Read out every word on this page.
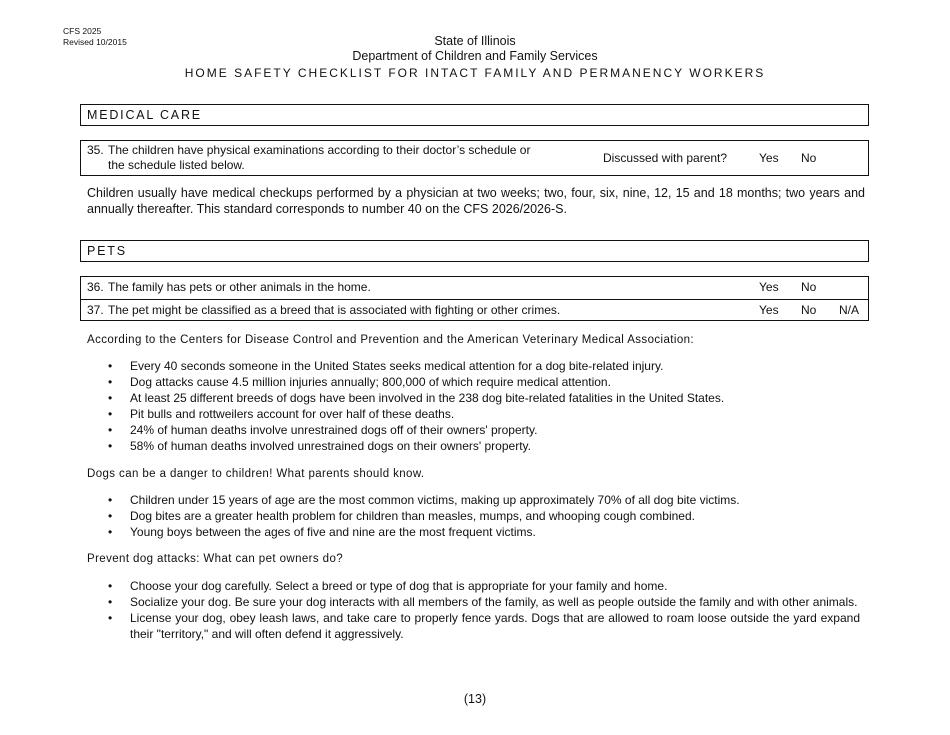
CFS 2025
Revised 10/2015	State of Illinois
Department of Children and Family Services
HOME SAFETY CHECKLIST FOR INTACT FAMILY AND PERMANENCY WORKERS
MEDICAL CARE
35. The children have physical examinations according to their doctor’s schedule or
the schedule listed below.	Discussed with parent?	Yes No
Children usually have medical checkups performed by a physician at two weeks; two, four, six, nine, 12, 15 and 18 months; two years and annually thereafter. This standard corresponds to number 40 on the CFS 2026/2026-S.
PETS
36. The family has pets or other animals in the home.	Yes No
37. The pet might be classified as a breed that is associated with fighting or other crimes.	Yes No N/A
According to the Centers for Disease Control and Prevention and the American Veterinary Medical Association:
• Every 40 seconds someone in the United States seeks medical attention for a dog bite-related injury.
• Dog attacks cause 4.5 million injuries annually; 800,000 of which require medical attention.
• At least 25 different breeds of dogs have been involved in the 238 dog bite-related fatalities in the United States.
• Pit bulls and rottweilers account for over half of these deaths.
• 24% of human deaths involve unrestrained dogs off of their owners' property.
• 58% of human deaths involved unrestrained dogs on their owners' property.
Dogs can be a danger to children! What parents should know.
• Children under 15 years of age are the most common victims, making up approximately 70% of all dog bite victims.
• Dog bites are a greater health problem for children than measles, mumps, and whooping cough combined.
• Young boys between the ages of five and nine are the most frequent victims.
Prevent dog attacks: What can pet owners do?
• Choose your dog carefully. Select a breed or type of dog that is appropriate for your family and home.
• Socialize your dog. Be sure your dog interacts with all members of the family, as well as people outside the family and with other animals.
• License your dog, obey leash laws, and take care to properly fence yards. Dogs that are allowed to roam loose outside the yard expand their "territory," and will often defend it aggressively.
(13)
